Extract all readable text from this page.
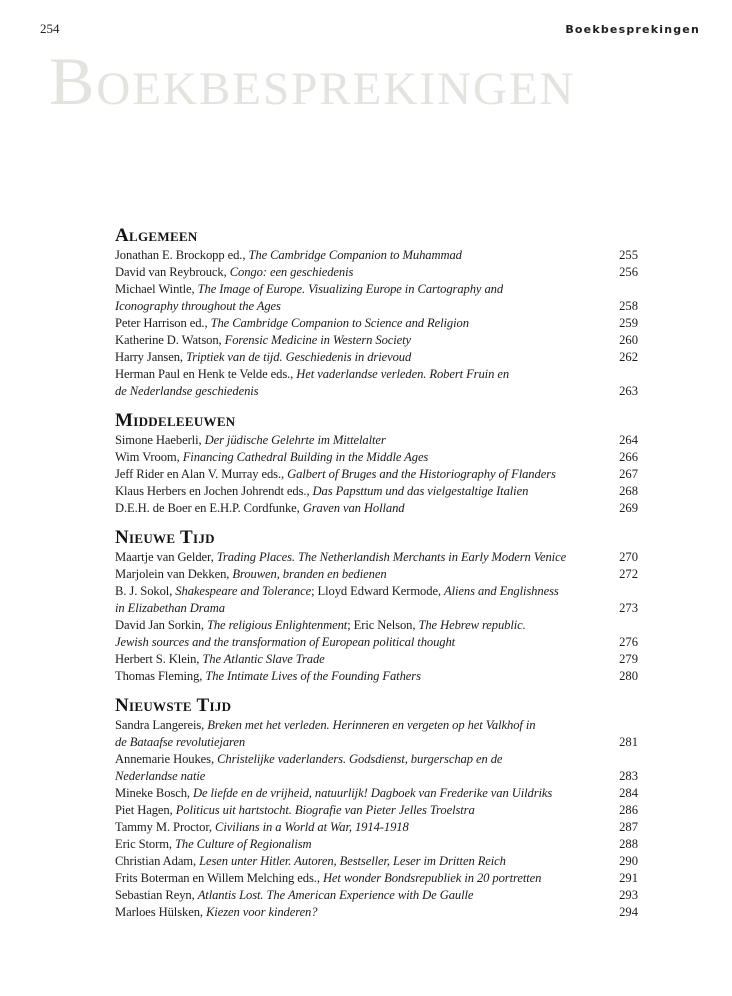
254	Boekbesprekingen
BOEKBESPREKINGEN
Algemeen
Jonathan E. Brockopp ed., The Cambridge Companion to Muhammad	255
David van Reybrouck, Congo: een geschiedenis	256
Michael Wintle, The Image of Europe. Visualizing Europe in Cartography and
Iconography throughout the Ages	258
Peter Harrison ed., The Cambridge Companion to Science and Religion	259
Katherine D. Watson, Forensic Medicine in Western Society	260
Harry Jansen, Triptiek van de tijd. Geschiedenis in drievoud	262
Herman Paul en Henk te Velde eds., Het vaderlandse verleden. Robert Fruin en
de Nederlandse geschiedenis	263
Middeleeuwen
Simone Haeberli, Der jüdische Gelehrte im Mittelalter	264
Wim Vroom, Financing Cathedral Building in the Middle Ages	266
Jeff Rider en Alan V. Murray eds., Galbert of Bruges and the Historiography of Flanders	267
Klaus Herbers en Jochen Johrendt eds., Das Papsttum und das vielgestaltige Italien	268
D.E.H. de Boer en E.H.P. Cordfunke, Graven van Holland	269
Nieuwe Tijd
Maartje van Gelder, Trading Places. The Netherlandish Merchants in Early Modern Venice	270
Marjolein van Dekken, Brouwen, branden en bedienen	272
B. J. Sokol, Shakespeare and Tolerance; Lloyd Edward Kermode, Aliens and Englishness
in Elizabethan Drama	273
David Jan Sorkin, The religious Enlightenment; Eric Nelson, The Hebrew republic.
Jewish sources and the transformation of European political thought	276
Herbert S. Klein, The Atlantic Slave Trade	279
Thomas Fleming, The Intimate Lives of the Founding Fathers	280
Nieuwste Tijd
Sandra Langereis, Breken met het verleden. Herinneren en vergeten op het Valkhof in
de Bataafse revolutiejaren	281
Annemarie Houkes, Christelijke vaderlanders. Godsdienst, burgerschap en de
Nederlandse natie	283
Mineke Bosch, De liefde en de vrijheid, natuurlijk! Dagboek van Frederike van Uildriks	284
Piet Hagen, Politicus uit hartstocht. Biografie van Pieter Jelles Troelstra	286
Tammy M. Proctor, Civilians in a World at War, 1914-1918	287
Eric Storm, The Culture of Regionalism	288
Christian Adam, Lesen unter Hitler. Autoren, Bestseller, Leser im Dritten Reich	290
Frits Boterman en Willem Melching eds., Het wonder Bondsrepubliek in 20 portretten	291
Sebastian Reyn, Atlantis Lost. The American Experience with De Gaulle	293
Marloes Hülsken, Kiezen voor kinderen?	294
